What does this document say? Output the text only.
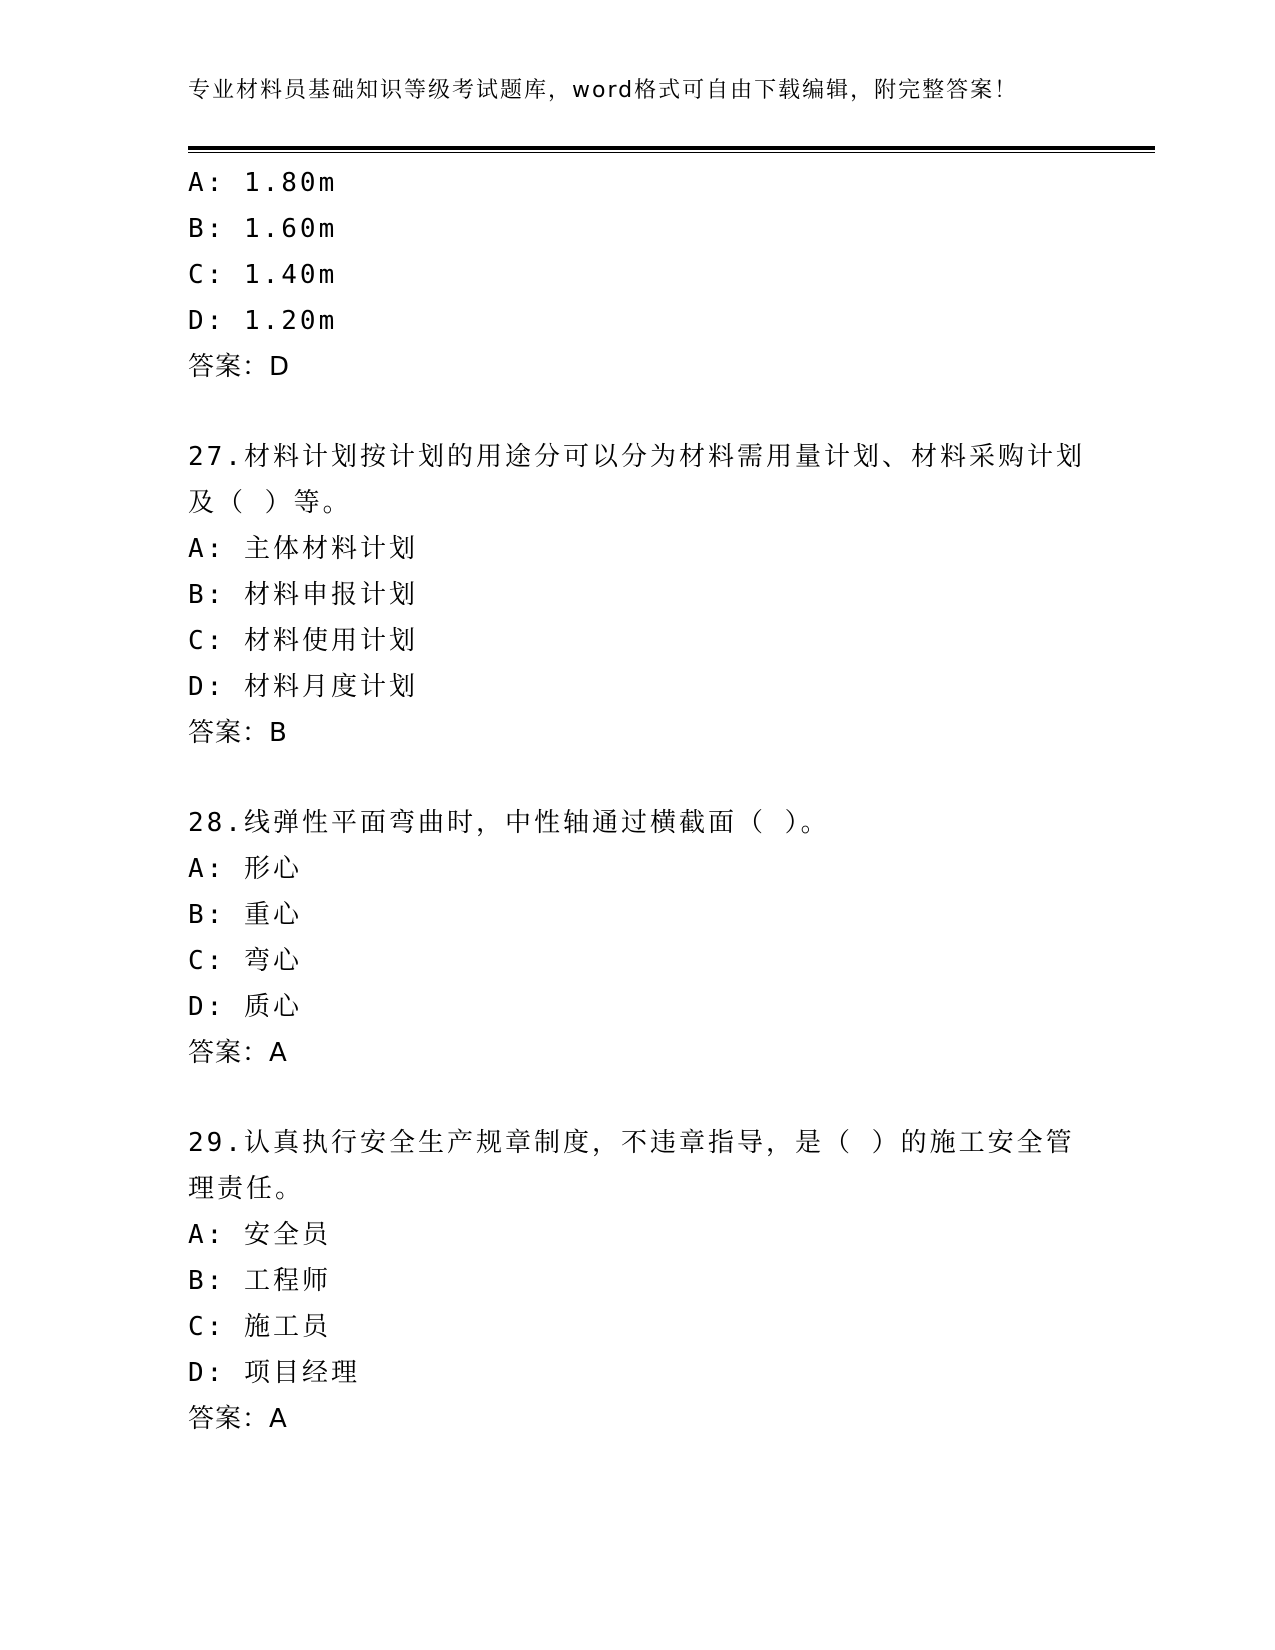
专业材料员基础知识等级考试题库，word格式可自由下载编辑，附完整答案！
A: 1.80m
B: 1.60m
C: 1.40m
D: 1.20m
答案：D
27.材料计划按计划的用途分可以分为材料需用量计划、材料采购计划
及（ ）等。
A: 主体材料计划
B: 材料申报计划
C: 材料使用计划
D: 材料月度计划
答案：B
28.线弹性平面弯曲时，中性轴通过横截面（ ）。
A: 形心
B: 重心
C: 弯心
D: 质心
答案：A
29.认真执行安全生产规章制度，不违章指导，是（ ）的施工安全管
理责任。
A: 安全员
B: 工程师
C: 施工员
D: 项目经理
答案：A
